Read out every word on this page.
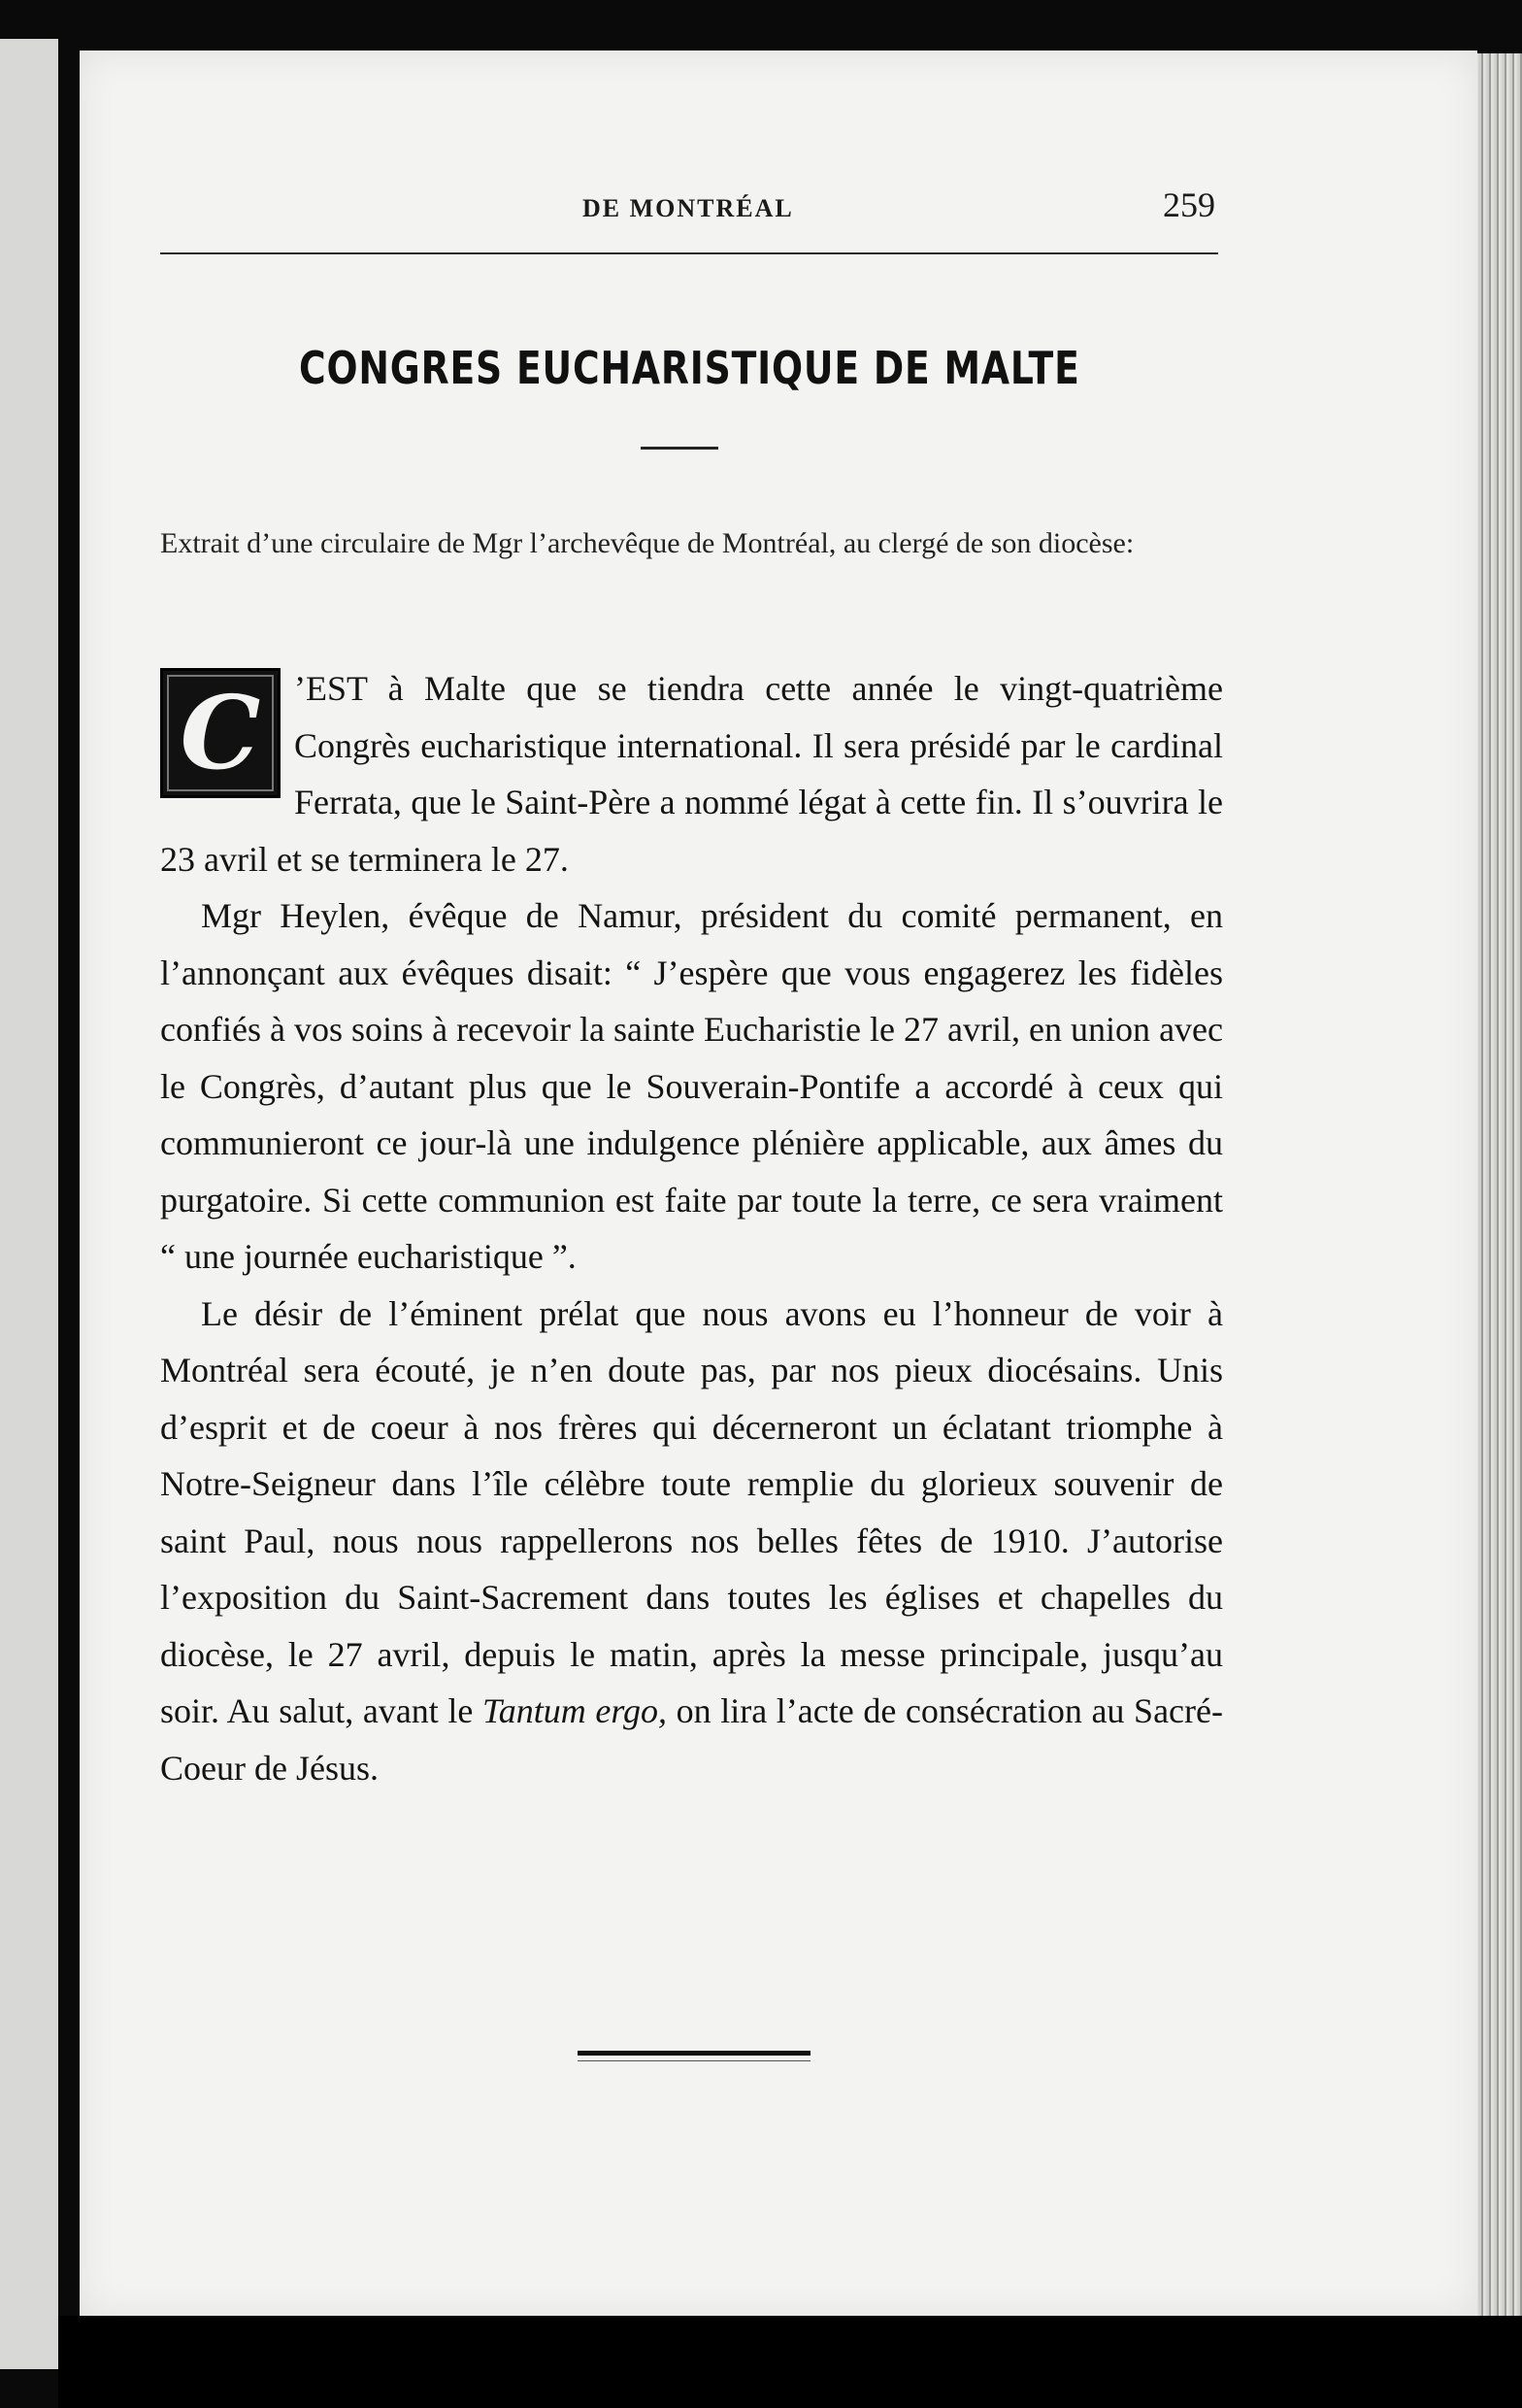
DE MONTRÉAL	259
CONGRES EUCHARISTIQUE DE MALTE
Extrait d’une circulaire de Mgr l’archevêque de Montréal, au clergé de son diocèse:

C ’EST à Malte que se tiendra cette année le vingt-quatrième Congrès eucharistique international. Il sera présidé par le cardinal Ferrata, que le Saint-Père a nommé légat à cette fin. Il s’ouvrira le 23 avril et se terminera le 27.

Mgr Heylen, évêque de Namur, président du comité permanent, en l’annonçant aux évêques disait: “ J’espère que vous engagerez les fidèles confiés à vos soins à recevoir la sainte Eucharistie le 27 avril, en union avec le Congrès, d’autant plus que le Souverain-Pontife a accordé à ceux qui communieront ce jour-là une indulgence plénière applicable, aux âmes du purgatoire. Si cette communion est faite par toute la terre, ce sera vraiment “ une journée eucharistique ”.

Le désir de l’éminent prélat que nous avons eu l’honneur de voir à Montréal sera écouté, je n’en doute pas, par nos pieux diocésains. Unis d’esprit et de coeur à nos frères qui décerneront un éclatant triomphe à Notre-Seigneur dans l’île célèbre toute remplie du glorieux souvenir de saint Paul, nous nous rappellerons nos belles fêtes de 1910. J’autorise l’exposition du Saint-Sacrement dans toutes les églises et chapelles du diocèse, le 27 avril, depuis le matin, après la messe principale, jusqu’au soir. Au salut, avant le Tantum ergo, on lira l’acte de consécration au Sacré-Coeur de Jésus.
